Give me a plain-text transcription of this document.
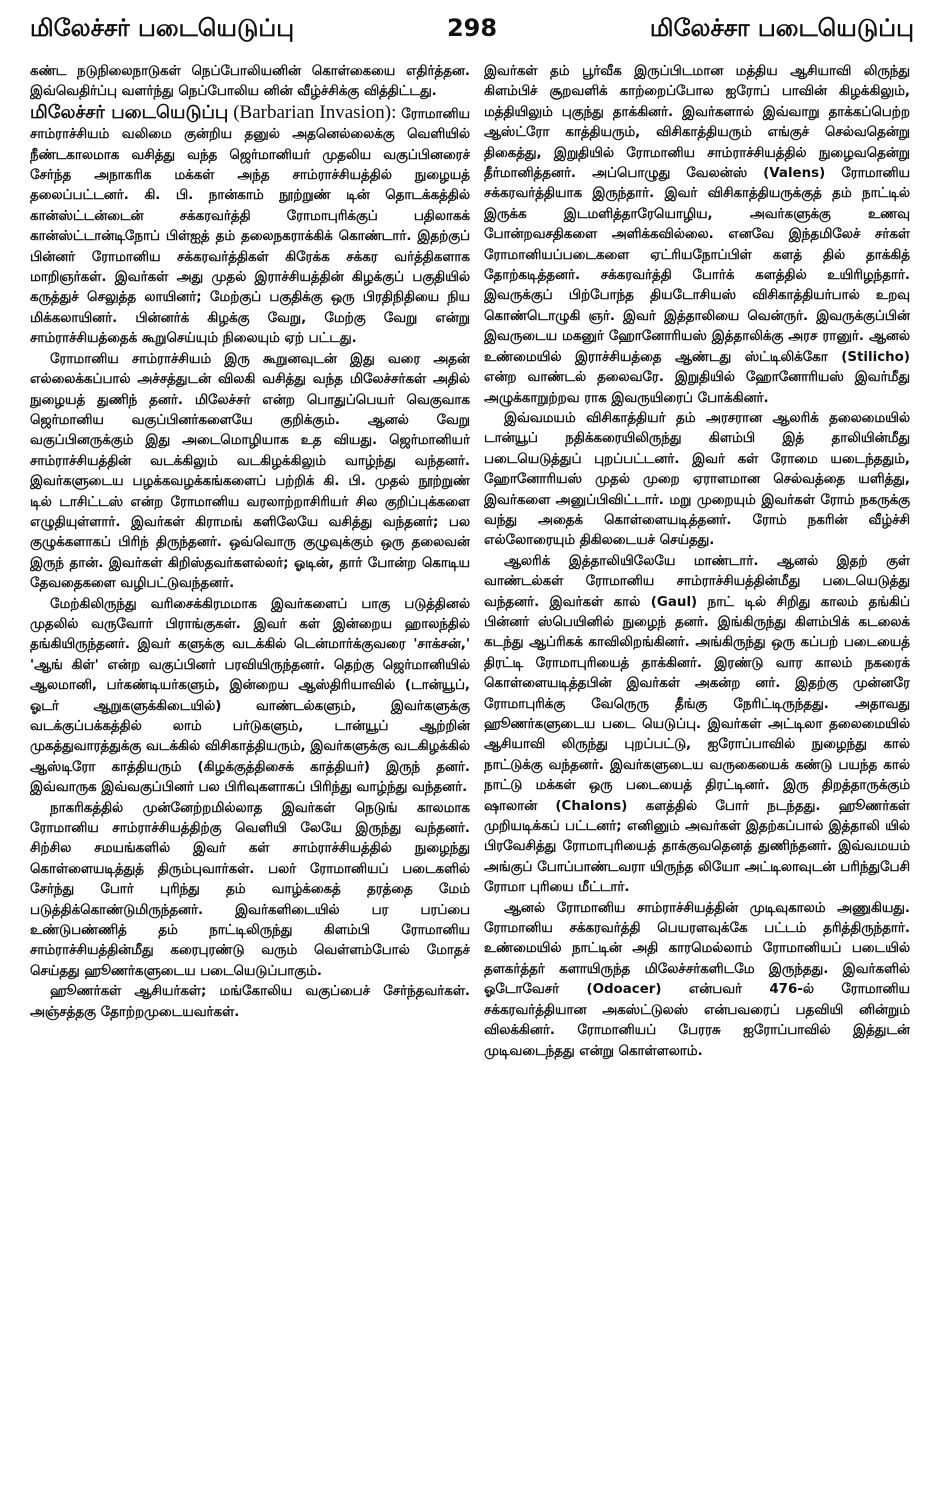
298
மிலேச்சர் படையெடுப்பு	மிலேச்சா படையெடுப்பு

கண்ட நடுநிலைநாடுகள் நெப்போலியனின் கொள்கையை எதிர்த்தன. இவ்வெதிர்ப்பு வளர்ந்து நெப்போலிய னின் வீழ்ச்சிக்கு வித்திட்டது.

மிலேச்சர் படையெடுப்பு (Barbarian Invasion): ரோமானிய சாம்ராச்சியம் வலிமை குன்றிய தனுல் அதனெல்லைக்கு வெளியில் நீண்டகாலமாக வசித்து வந்த ஜெர்மானியர் முதலிய வகுப்பினரைச் சேர்ந்த அநாகரிக மக்கள் அந்த சாம்ராச்சியத்தில் நுழையத் தலைப்பட்டனர். கி. பி. நான்காம் நூற்றுண் டின் தொடக்கத்தில் கான்ஸ்ட்டன்டைன் சக்கரவர்த்தி ரோமாபுரிக்குப் பதிலாகக் கான்ஸ்ட்டான்டிநோப் பிள்ஐத் தம் தலைநகராக்கிக் கொண்டார். இதற்குப் பின்னர் ரோமானிய சக்கரவர்த்திகள் கிரேக்க சக்கர வர்த்திகளாக மாறிஞர்கள். இவர்கள் அது முதல் இராச்சியத்தின் கிழக்குப் பகுதியில் கருத்துச் செலுத்த லாயினர்; மேற்குப் பகுதிக்கு ஒரு பிரதிநிதியை நிய மிக்கலாயினர். பின்னர்க் கிழக்கு வேறு, மேற்கு வேறு என்று சாம்ராச்சியத்தைக் கூறுசெய்யும் நிலையும் ஏற் பட்டது.

ரோமானிய சாம்ராச்சியம் இரு கூறுனவுடன் இது வரை அதன் எல்லைக்கப்பால் அச்சத்துடன் விலகி வசித்து வந்த மிலேச்சர்கள் அதில் நுழையத் துணிந் தனர். மிலேச்சர் என்ற பொதுப்பெயர் வெகுவாக ஜெர்மானிய வகுப்பினர்களையே குறிக்கும். ஆனல் வேறு வகுப்பினருக்கும் இது அடைமொழியாக உத வியது. ஜெர்மானியர் சாம்ராச்சியத்தின் வடக்கிலும் வடகிழக்கிலும் வாழ்ந்து வந்தனர். இவர்களுடைய பழக்கவழக்கங்களைப் பற்றிக் கி. பி. முதல் நூற்றுண் டில் டாசிட்டஸ் என்ற ரோமானிய வரலாற்றாசிரியர் சில குறிப்புக்களை எழுதியுள்ளார். இவர்கள் கிராமங் களிலேயே வசித்து வந்தனர்; பல குழுக்களாகப் பிரிந் திருந்தனர். ஒவ்வொரு குழுவுக்கும் ஒரு தலைவன் இருந் தான். இவர்கள் கிறிஸ்தவர்களல்லர்; ஓடின், தார் போன்ற கொடிய தேவதைகளை வழிபட்டுவந்தனர்.

மேற்கிலிருந்து வரிசைக்கிரமமாக இவர்களைப் பாகு படுத்தினல் முதலில் வருவோர் பிராங்குகள். இவர் கள் இன்றைய ஹாலந்தில் தங்கியிருந்தனர். இவர் களுக்கு வடக்கில் டென்மார்க்குவரை 'சாக்சன்,' 'ஆங் கிள்' என்ற வகுப்பினர் பரவியிருந்தனர். தெற்கு ஜெர்மானியில் ஆலமானி, பர்கண்டியர்களும், இன்றைய ஆஸ்திரியாவில் (டான்யூப், ஓடர் ஆறுகளுக்கிடையில்) வாண்டல்களும், இவர்களுக்கு வடக்குப்பக்கத்தில் லாம் பர்டுகளும், டான்யூப் ஆற்றின் முகத்துவாரத்துக்கு வடக்கில் விசிகாத்தியரும், இவர்களுக்கு வடகிழக்கில் ஆஸ்டிரோ காத்தியரும் (கிழக்குத்திசைக் காத்தியர்) இருந் தனர். இவ்வாருக இவ்வகுப்பினர் பல பிரிவுகளாகப் பிரிந்து வாழ்ந்து வந்தனர்.

நாகரிகத்தில் முன்னேற்றமில்லாத இவர்கள் நெடுங் காலமாக ரோமானிய சாம்ராச்சியத்திற்கு வெளியி லேயே இருந்து வந்தனர். சிற்சில சமயங்களில் இவர் கள் சாம்ராச்சியத்தில் நுழைந்து கொள்ளையடித்துத் திரும்புவார்கள். பலர் ரோமானியப் படைகளில் சேர்ந்து போர் புரிந்து தம் வாழ்க்கைத் தரத்தை மேம் படுத்திக்கொண்டுமிருந்தனர். இவர்களிடையில் பர பரப்பை உண்டுபண்ணித் தம் நாட்டிலிருந்து கிளம்பி ரோமானிய சாம்ராச்சியத்தின்மீது கரைபுரண்டு வரும் வெள்ளம்போல் மோதச் செய்தது ஹூணர்களுடைய படையெடுப்பாகும்.

ஹூணர்கள் ஆசியர்கள்; மங்கோலிய வகுப்பைச் சேர்ந்தவர்கள். அஞ்சத்தகு தோற்றமுடையவர்கள்.

இவர்கள் தம் பூர்வீக இருப்பிடமான மத்திய ஆசியாவி லிருந்து கிளம்பிச் சூறவளிக் காற்றைப்போல ஐரோப் பாவின் கிழக்கிலும், மத்தியிலும் புகுந்து தாக்கினர். இவர்களால் இவ்வாறு தாக்கப்பெற்ற ஆஸ்ட்ரோ காத்தியரும், விசிகாத்தியரும் எங்குச் செல்வதென்று திகைத்து, இறுதியில் ரோமானிய சாம்ராச்சியத்தில் நுழைவதென்று தீர்மானித்தனர். அப்பொழுது வேலன்ஸ் (Valens) ரோமானிய சக்கரவர்த்தியாக இருந்தார். இவர் விசிகாத்தியருக்குத் தம் நாட்டில் இருக்க இடமளித்தாரேயொழிய, அவர்களுக்கு உணவு போன்றவசதிகளை அளிக்கவில்லை. எனவே இந்தமிலேச் சர்கள் ரோமானியப்படைகளை ஏட்ரியநோப்பிள் களத் தில் தாக்கித் தோற்கடித்தனர். சக்கரவர்த்தி போர்க் களத்தில் உயிரிழந்தார். இவருக்குப் பிற்போந்த தியடோசியஸ் விசிகாத்தியர்பால் உறவு கொண்டொழுகி ஞர். இவர் இத்தாலியை வென்ருர். இவருக்குப்பின் இவருடைய மகனுர் ஹோனோரியஸ் இத்தாலிக்கு அரச ரானுர். ஆனல் உண்மையில் இராச்சியத்தை ஆண்டது ஸ்ட்டிலிக்கோ (Stilicho) என்ற வாண்டல் தலைவரே. இறுதியில் ஹோனோரியஸ் இவர்மீது அழுக்காறுற்றவ ராக இவருயிரைப் போக்கினர்.

இவ்வமயம் விசிகாத்தியர் தம் அரசரான ஆலரிக் தலைமையில் டான்யூப் நதிக்கரையிலிருந்து கிளம்பி இத் தாலியின்மீது படையெடுத்துப் புறப்பட்டனர். இவர் கள் ரோமை யடைந்ததும், ஹோனோரியஸ் முதல் முறை ஏராளமான செல்வத்தை யளித்து, இவர்களை அனுப்பிவிட்டார். மறு முறையும் இவர்கள் ரோம் நகருக்கு வந்து அதைக் கொள்ளையடித்தனர். ரோம் நகரின் வீழ்ச்சி எல்லோரையும் திகிலடையச் செய்தது.

ஆலரிக் இத்தாலியிலேயே மாண்டார். ஆனல் இதற் குள் வாண்டல்கள் ரோமானிய சாம்ராச்சியத்தின்மீது படையெடுத்து வந்தனர். இவர்கள் கால் (Gaul) நாட் டில் சிறிது காலம் தங்கிப் பின்னர் ஸ்பெயினில் நுழைந் தனர். இங்கிருந்து கிளம்பிக் கடலைக் கடந்து ஆப்ரிகக் காவிலிறங்கினர். அங்கிருந்து ஒரு கப்பற் படையைத் திரட்டி ரோமாபுரியைத் தாக்கினர். இரண்டு வார காலம் நகரைக் கொள்ளையடித்தபின் இவர்கள் அகன்ற னர். இதற்கு முன்னரே ரோமாபுரிக்கு வேருெரு தீங்கு நேரிட்டிருந்தது. அதாவது ஹூணர்களுடைய படை யெடுப்பு. இவர்கள் அட்டிலா தலைமையில் ஆசியாவி லிருந்து புறப்பட்டு, ஐரோப்பாவில் நுழைந்து கால் நாட்டுக்கு வந்தனர். இவர்களுடைய வருகையைக் கண்டு பயந்த கால் நாட்டு மக்கள் ஒரு படையைத் திரட்டினர். இரு திறத்தாருக்கும் ஷாலான் (Chalons) களத்தில் போர் நடந்தது. ஹூணர்கள் முறியடிக்கப் பட்டனர்; எனினும் அவர்கள் இதற்கப்பால் இத்தாலி யில் பிரவேசித்து ரோமாபுரியைத் தாக்குவதெனத் துணிந்தனர். இவ்வமயம் அங்குப் போப்பாண்டவரா யிருந்த லியோ அட்டிலாவுடன் பரிந்துபேசி ரோமா புரியை மீட்டார்.

ஆனல் ரோமானிய சாம்ராச்சியத்தின் முடிவுகாலம் அணுகியது. ரோமானிய சக்கரவர்த்தி பெயரளவுக்கே பட்டம் தரித்திருந்தார். உண்மையில் நாட்டின் அதி காரமெல்லாம் ரோமானியப் படையில் தளகர்த்தர் களாயிருந்த மிலேச்சர்களிடமே இருந்தது. இவர்களில் ஓடோவேசர் (Odoacer) என்பவர் 476-ல் ரோமானிய சக்கரவர்த்தியான அகஸ்ட்டுலஸ் என்பவரைப் பதவியி னின்றும் விலக்கினர். ரோமானியப் பேரரசு ஐரோப்பாவில் இத்துடன் முடிவடைந்தது என்று கொள்ளலாம்.
